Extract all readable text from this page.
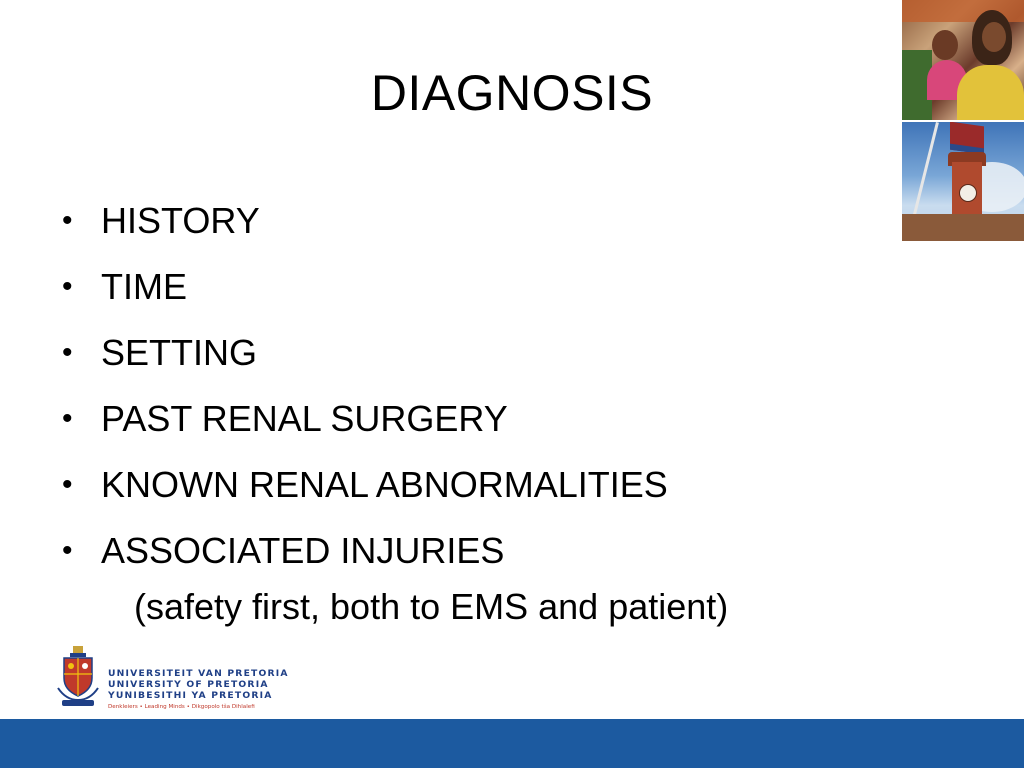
DIAGNOSIS
• HISTORY
• TIME
• SETTING
• PAST RENAL SURGERY
• KNOWN RENAL ABNORMALITIES
• ASSOCIATED INJURIES
(safety first, both to EMS and patient)
UNIVERSITEIT VAN PRETORIA
UNIVERSITY OF PRETORIA
YUNIBESITHI YA PRETORIA
Denkleiers • Leading Minds • Dikgopolo tša Dihlalefi
